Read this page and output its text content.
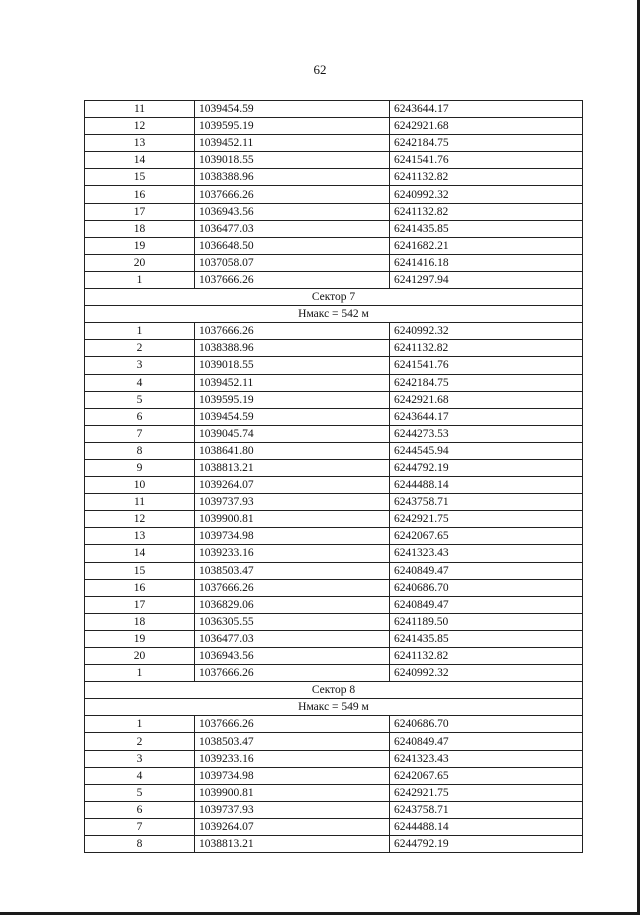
62
11	1039454.59	6243644.17
12	1039595.19	6242921.68
13	1039452.11	6242184.75
14	1039018.55	6241541.76
15	1038388.96	6241132.82
16	1037666.26	6240992.32
17	1036943.56	6241132.82
18	1036477.03	6241435.85
19	1036648.50	6241682.21
20	1037058.07	6241416.18
1	1037666.26	6241297.94
Сектор 7		
Нмакс = 542 м		
1	1037666.26	6240992.32
2	1038388.96	6241132.82
3	1039018.55	6241541.76
4	1039452.11	6242184.75
5	1039595.19	6242921.68
6	1039454.59	6243644.17
7	1039045.74	6244273.53
8	1038641.80	6244545.94
9	1038813.21	6244792.19
10	1039264.07	6244488.14
11	1039737.93	6243758.71
12	1039900.81	6242921.75
13	1039734.98	6242067.65
14	1039233.16	6241323.43
15	1038503.47	6240849.47
16	1037666.26	6240686.70
17	1036829.06	6240849.47
18	1036305.55	6241189.50
19	1036477.03	6241435.85
20	1036943.56	6241132.82
1	1037666.26	6240992.32
Сектор 8		
Нмакс = 549 м		
1	1037666.26	6240686.70
2	1038503.47	6240849.47
3	1039233.16	6241323.43
4	1039734.98	6242067.65
5	1039900.81	6242921.75
6	1039737.93	6243758.71
7	1039264.07	6244488.14
8	1038813.21	6244792.19
